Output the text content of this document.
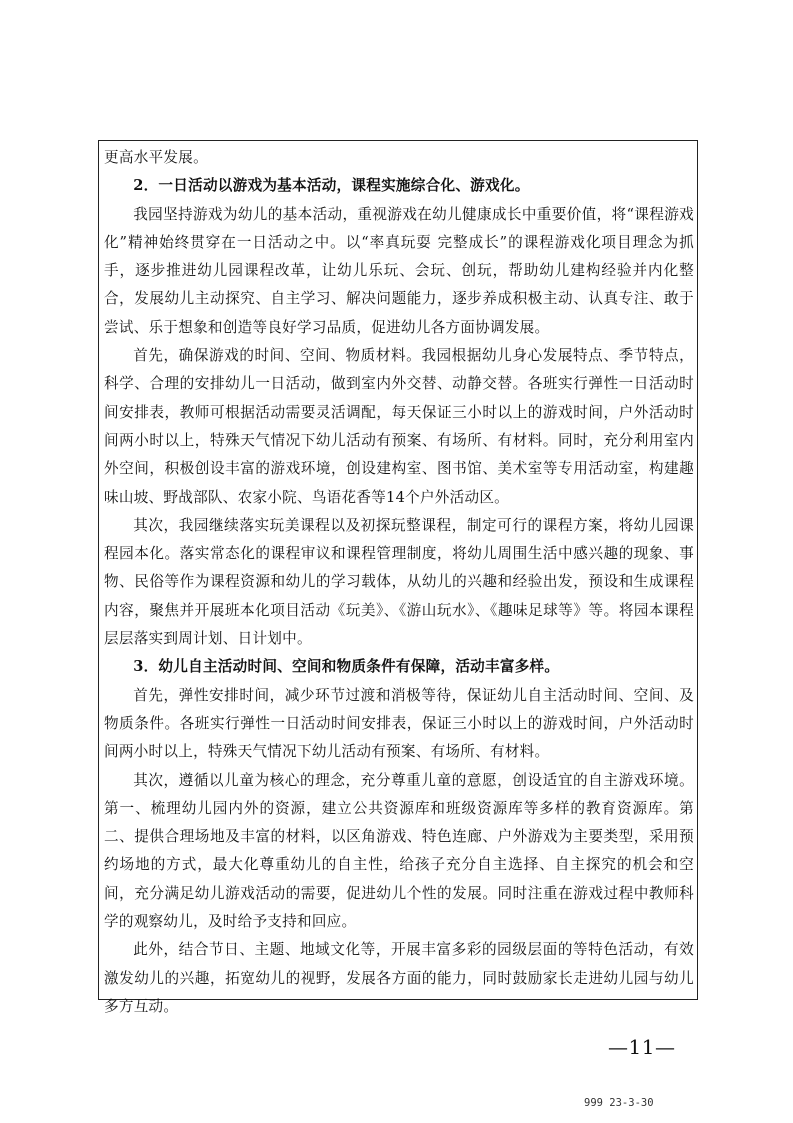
更高水平发展。

2．一日活动以游戏为基本活动，课程实施综合化、游戏化。

我园坚持游戏为幼儿的基本活动，重视游戏在幼儿健康成长中重要价值，将“课程游戏化”精神始终贯穿在一日活动之中。以“率真玩耍 完整成长”的课程游戏化项目理念为抓手，逐步推进幼儿园课程改革，让幼儿乐玩、会玩、创玩，帮助幼儿建构经验并内化整合，发展幼儿主动探究、自主学习、解决问题能力，逐步养成积极主动、认真专注、敢于尝试、乐于想象和创造等良好学习品质，促进幼儿各方面协调发展。

首先，确保游戏的时间、空间、物质材料。我园根据幼儿身心发展特点、季节特点，科学、合理的安排幼儿一日活动，做到室内外交替、动静交替。各班实行弹性一日活动时间安排表，教师可根据活动需要灵活调配，每天保证三小时以上的游戏时间，户外活动时间两小时以上，特殊天气情况下幼儿活动有预案、有场所、有材料。同时，充分利用室内外空间，积极创设丰富的游戏环境，创设建构室、图书馆、美术室等专用活动室，构建趣味山坡、野战部队、农家小院、鸟语花香等14个户外活动区。

其次，我园继续落实玩美课程以及初探玩整课程，制定可行的课程方案，将幼儿园课程园本化。落实常态化的课程审议和课程管理制度，将幼儿周围生活中感兴趣的现象、事物、民俗等作为课程资源和幼儿的学习载体，从幼儿的兴趣和经验出发，预设和生成课程内容，聚焦并开展班本化项目活动《玩美》、《游山玩水》、《趣味足球等》等。将园本课程层层落实到周计划、日计划中。

3．幼儿自主活动时间、空间和物质条件有保障，活动丰富多样。

首先，弹性安排时间，减少环节过渡和消极等待，保证幼儿自主活动时间、空间、及物质条件。各班实行弹性一日活动时间安排表，保证三小时以上的游戏时间，户外活动时间两小时以上，特殊天气情况下幼儿活动有预案、有场所、有材料。

其次，遵循以儿童为核心的理念，充分尊重儿童的意愿，创设适宜的自主游戏环境。第一、梳理幼儿园内外的资源，建立公共资源库和班级资源库等多样的教育资源库。第二、提供合理场地及丰富的材料，以区角游戏、特色连廊、户外游戏为主要类型，采用预约场地的方式，最大化尊重幼儿的自主性，给孩子充分自主选择、自主探究的机会和空间，充分满足幼儿游戏活动的需要，促进幼儿个性的发展。同时注重在游戏过程中教师科学的观察幼儿，及时给予支持和回应。

此外，结合节日、主题、地域文化等，开展丰富多彩的园级层面的等特色活动，有效激发幼儿的兴趣，拓宽幼儿的视野，发展各方面的能力，同时鼓励家长走进幼儿园与幼儿多方互动。

—11—
999 23-3-30
